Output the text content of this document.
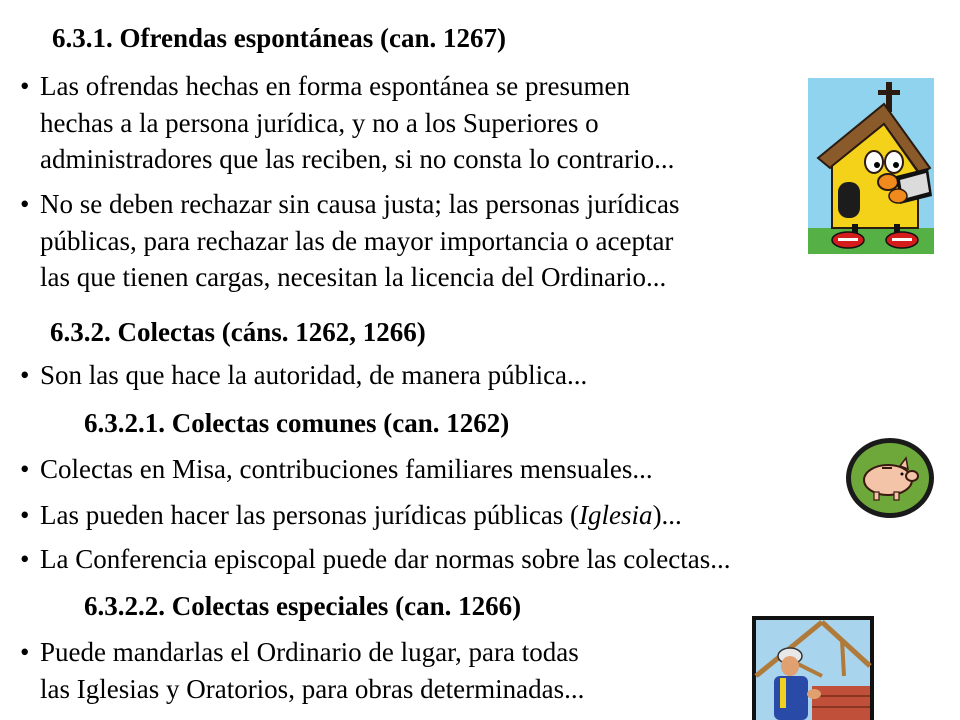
6.3.1. Ofrendas espontáneas (can. 1267)
• Las ofrendas hechas en forma espontánea se presumen
hechas a la persona jurídica, y no a los Superiores o
administradores que las reciben, si no consta lo contrario...
• No se deben rechazar sin causa justa; las personas jurídicas
públicas, para rechazar las de mayor importancia o aceptar
las que tienen cargas, necesitan la licencia del Ordinario...
6.3.2. Colectas (cáns. 1262, 1266)
• Son las que hace la autoridad, de manera pública...
6.3.2.1. Colectas comunes (can. 1262)
• Colectas en Misa, contribuciones familiares mensuales...
• Las pueden hacer las personas jurídicas públicas (Iglesia)...
• La Conferencia episcopal puede dar normas sobre las colectas...
6.3.2.2. Colectas especiales (can. 1266)
• Puede mandarlas el Ordinario de lugar, para todas
las Iglesias y Oratorios, para obras determinadas...
